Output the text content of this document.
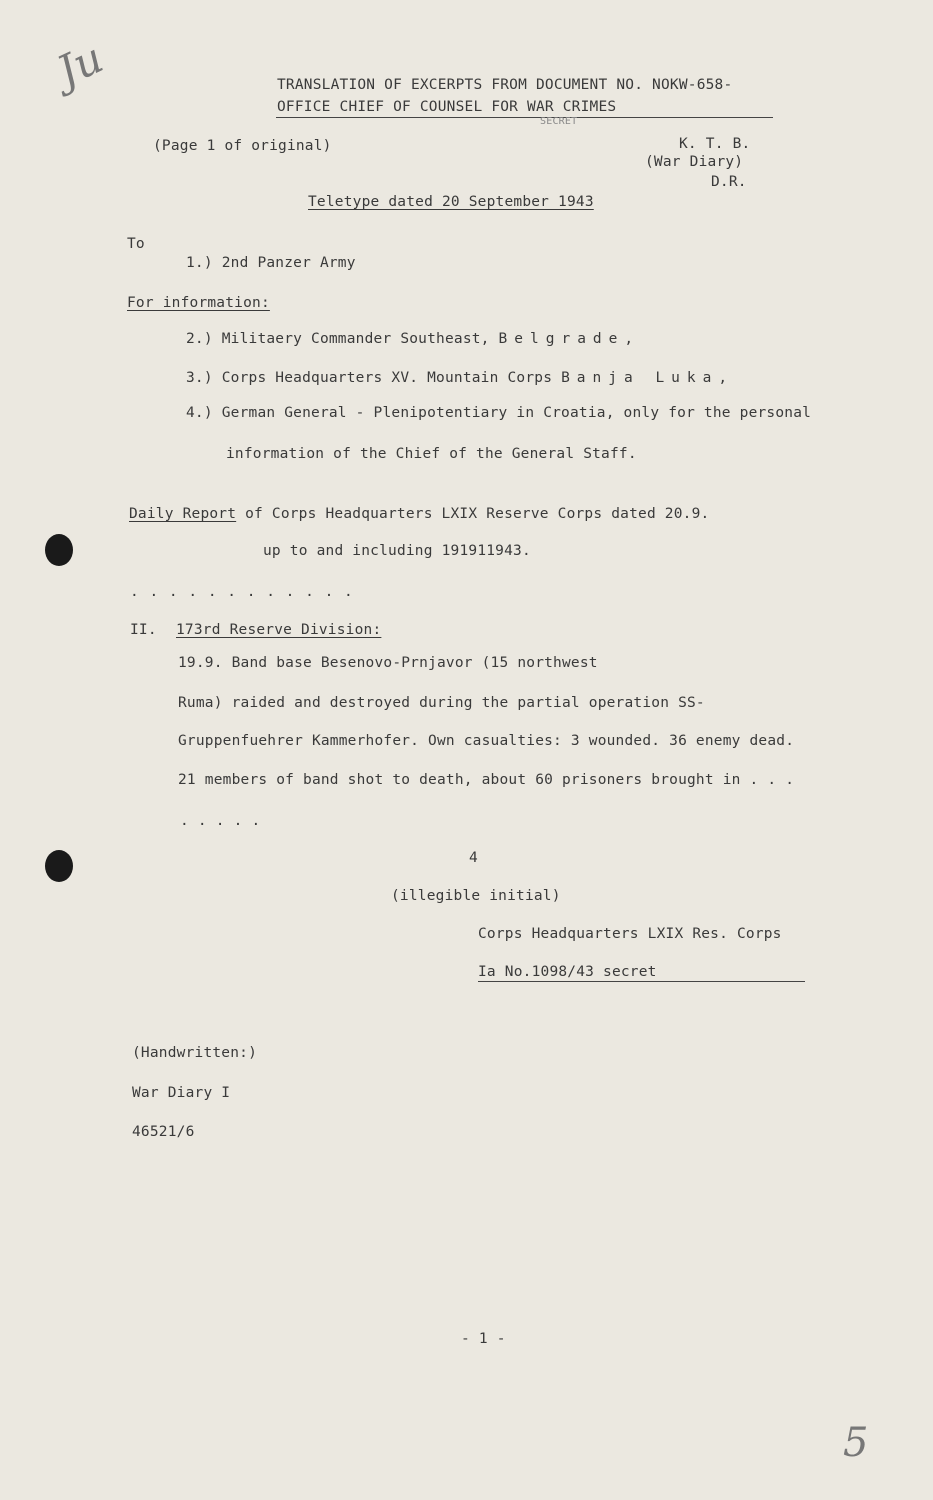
Ju	TRANSLATION OF EXCERPTS FROM DOCUMENT NO. NOKW-658-
OFFICE CHIEF OF COUNSEL FOR WAR CRIMES
SECRET
(Page 1 of original)	K. T. B.
(War Diary)
D.R.
Teletype dated 20 September 1943
To
1.) 2nd Panzer Army
For information:
2.) Militaery Commander Southeast, Belgrade,
3.) Corps Headquarters XV. Mountain Corps Banja Luka,
4.) German General - Plenipotentiary in Croatia, only for the personal
information of the Chief of the General Staff.
Daily Report of Corps Headquarters LXIX Reserve Corps dated 20.9.
up to and including 191911943.
. . . . . . . . . . . .
II. 173rd Reserve Division:
19.9. Band base Besenovo-Prnjavor (15 northwest
Ruma) raided and destroyed during the partial operation SS-
Gruppenfuehrer Kammerhofer. Own casualties: 3 wounded. 36 enemy dead.
21 members of band shot to death, about 60 prisoners brought in . . .
. . . . .
4
(illegible initial)
Corps Headquarters LXIX Res. Corps
Ia No.1098/43 secret
(Handwritten:)
War Diary I
46521/6
- 1 -
5
